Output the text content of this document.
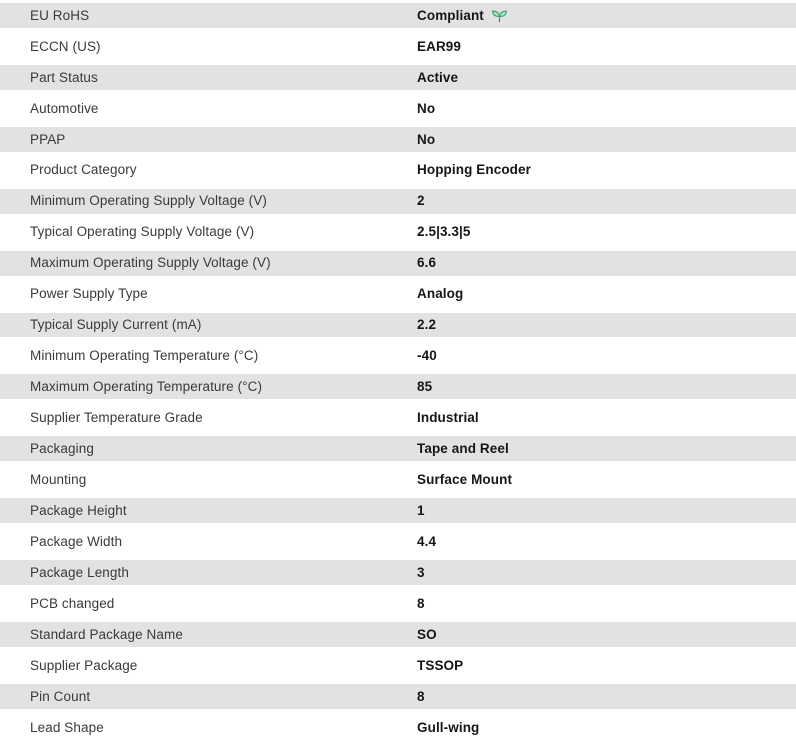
EU RoHS	Compliant
ECCN (US)	EAR99
Part Status	Active
Automotive	No
PPAP	No
Product Category	Hopping Encoder
Minimum Operating Supply Voltage (V)	2
Typical Operating Supply Voltage (V)	2.5|3.3|5
Maximum Operating Supply Voltage (V)	6.6
Power Supply Type	Analog
Typical Supply Current (mA)	2.2
Minimum Operating Temperature (°C)	-40
Maximum Operating Temperature (°C)	85
Supplier Temperature Grade	Industrial
Packaging	Tape and Reel
Mounting	Surface Mount
Package Height	1
Package Width	4.4
Package Length	3
PCB changed	8
Standard Package Name	SO
Supplier Package	TSSOP
Pin Count	8
Lead Shape	Gull-wing
